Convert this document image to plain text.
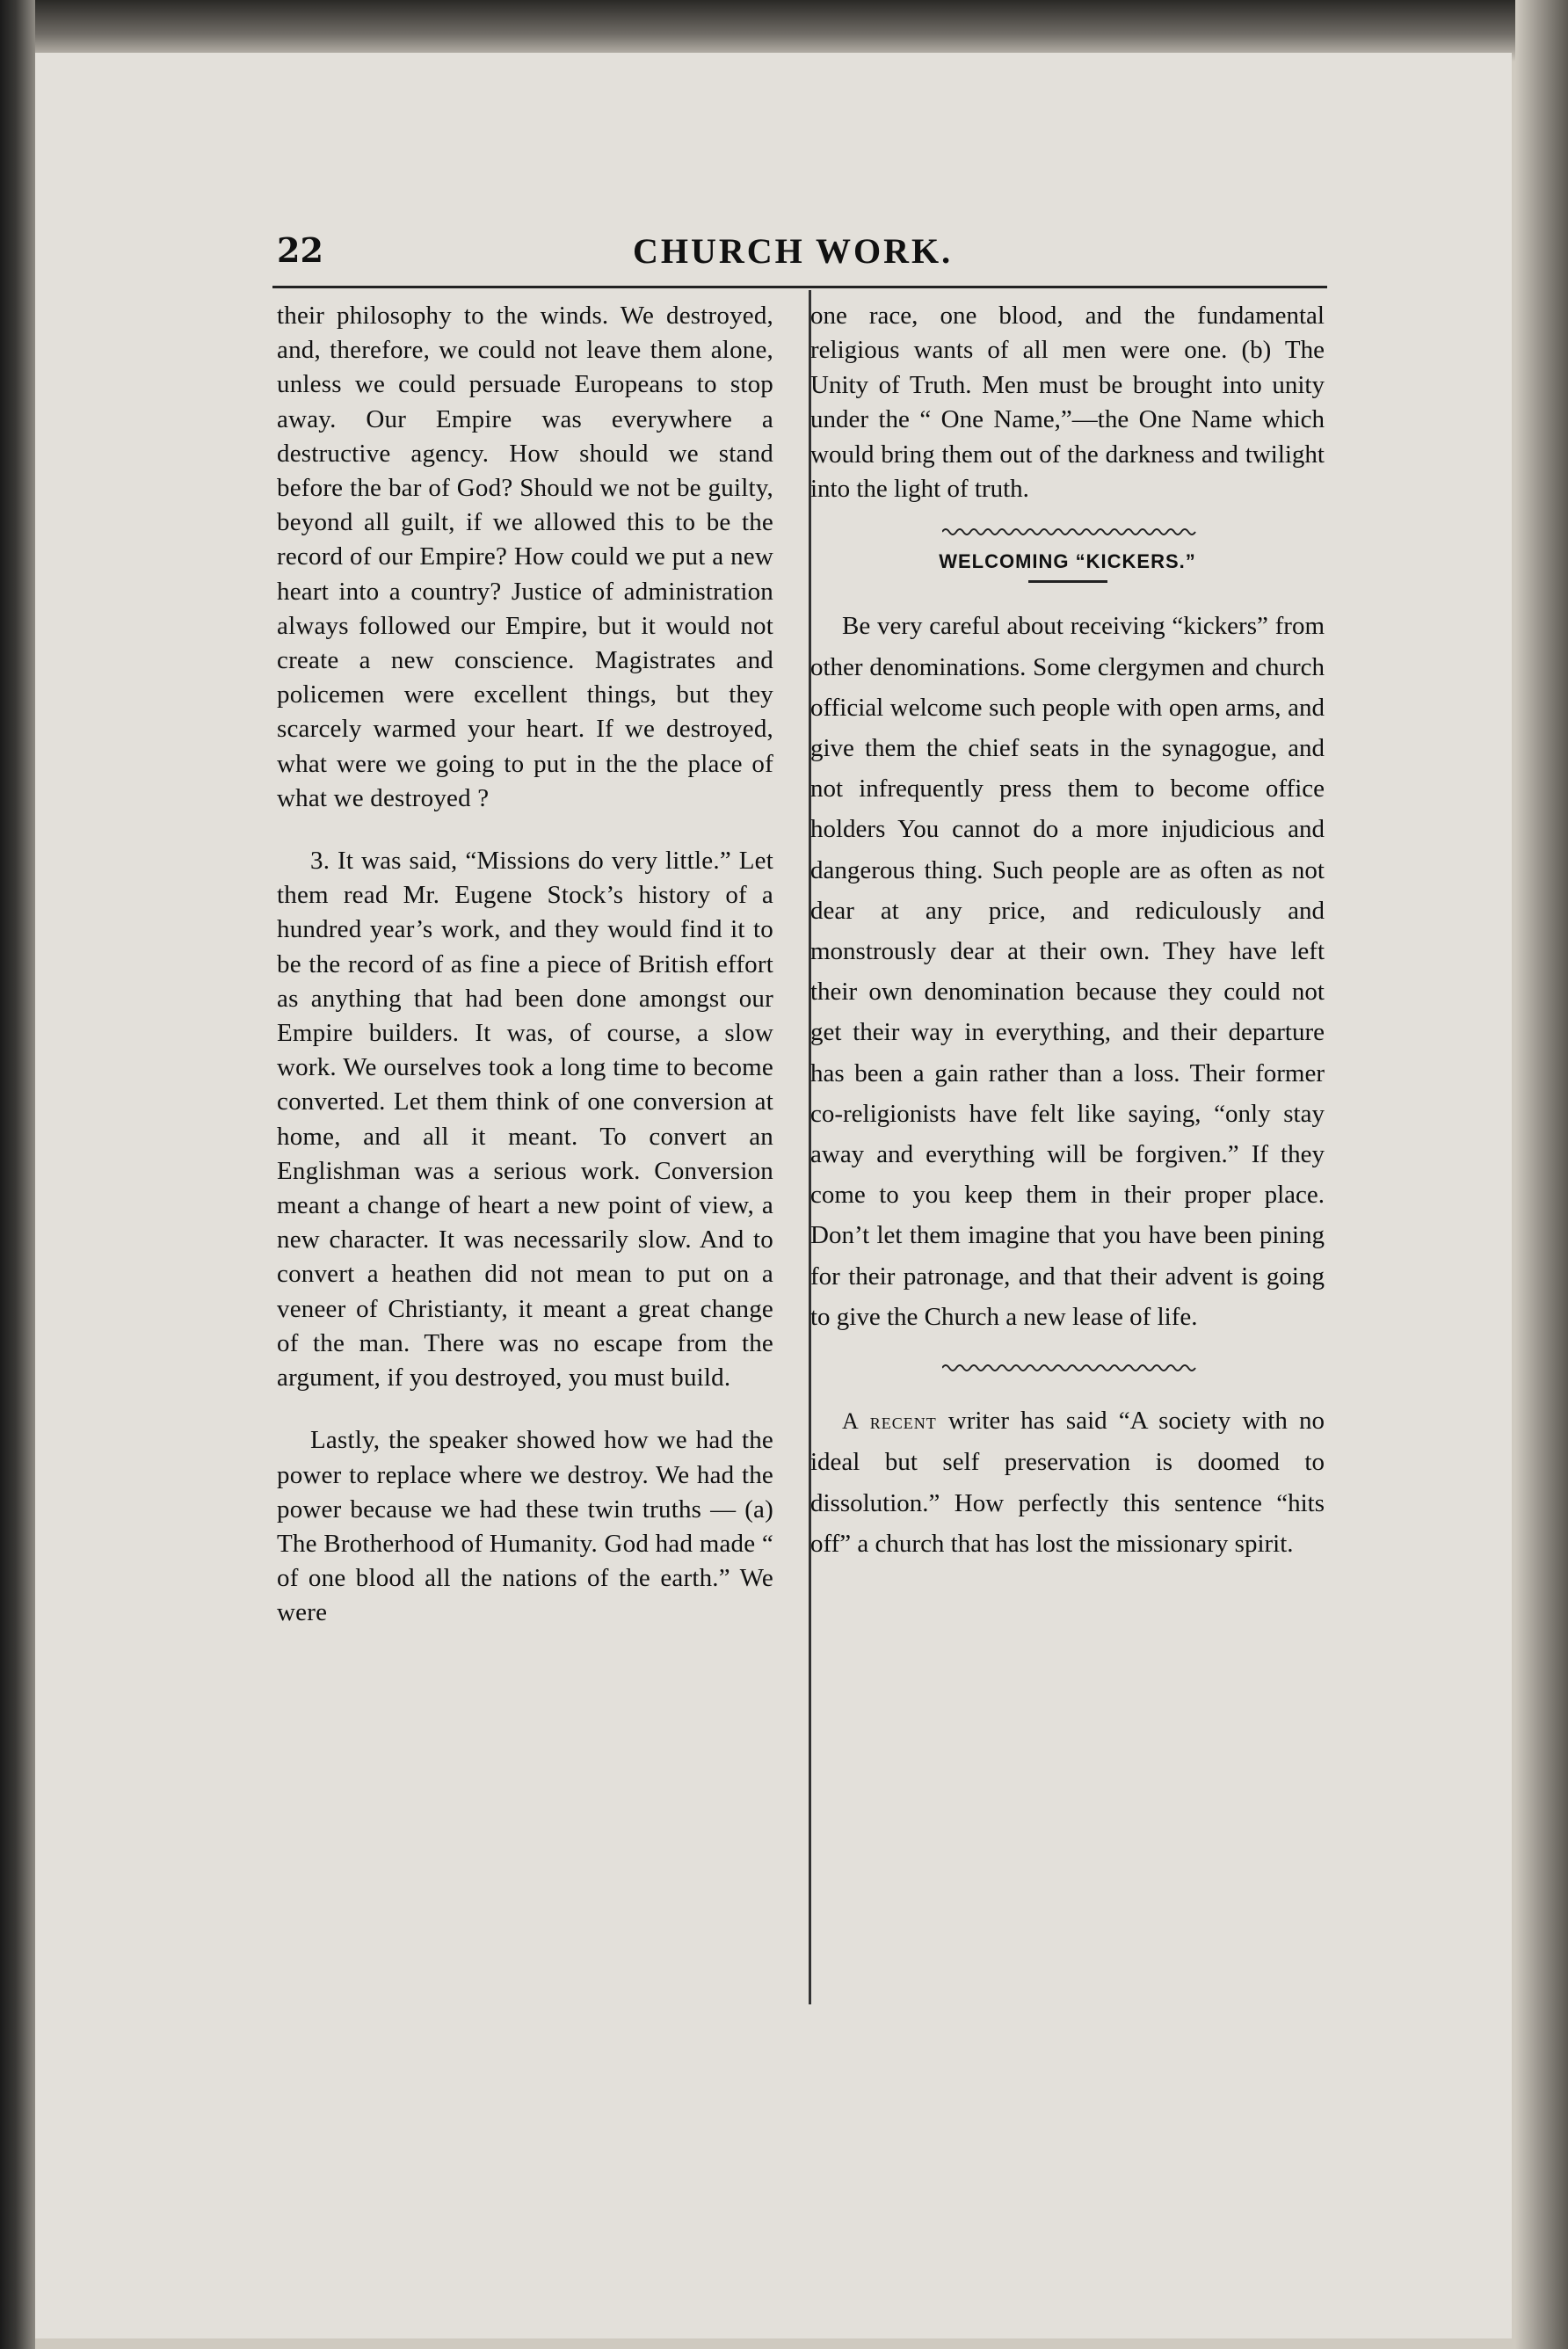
22	CHURCH WORK.

their philosophy to the winds. We destroyed, and, therefore, we could not leave them alone, unless we could persuade Europeans to stop away. Our Empire was everywhere a destructive agency. How should we stand before the bar of God? Should we not be guilty, beyond all guilt, if we allowed this to be the record of our Empire? How could we put a new heart into a country? Justice of administration always followed our Empire, but it would not create a new conscience. Magistrates and policemen were excellent things, but they scarcely warmed your heart. If we destroyed, what were we going to put in the the place of what we destroyed ?

3. It was said, “Missions do very little.” Let them read Mr. Eugene Stock’s history of a hundred year’s work, and they would find it to be the record of as fine a piece of British effort as anything that had been done amongst our Empire builders. It was, of course, a slow work. We ourselves took a long time to become converted. Let them think of one conversion at home, and all it meant. To convert an Englishman was a serious work. Conversion meant a change of heart a new point of view, a new character. It was necessarily slow. And to convert a heathen did not mean to put on a veneer of Christianty, it meant a great change of the man. There was no escape from the argument, if you destroyed, you must build.

Lastly, the speaker showed how we had the power to replace where we destroy. We had the power because we had these twin truths — (a) The Brotherhood of Humanity. God had made “ of one blood all the nations of the earth.” We were

one race, one blood, and the fundamental religious wants of all men were one. (b) The Unity of Truth. Men must be brought into unity under the “ One Name,”—the One Name which would bring them out of the darkness and twilight into the light of truth.

WELCOMING “KICKERS.”

Be very careful about receiving “kickers” from other denominations. Some clergymen and church official welcome such people with open arms, and give them the chief seats in the synagogue, and not infrequently press them to become office holders You cannot do a more injudicious and dangerous thing. Such people are as often as not dear at any price, and rediculously and monstrously dear at their own. They have left their own denomination because they could not get their way in everything, and their departure has been a gain rather than a loss. Their former co-religionists have felt like saying, “only stay away and everything will be forgiven.” If they come to you keep them in their proper place. Don’t let them imagine that you have been pining for their patronage, and that their advent is going to give the Church a new lease of life.

A recent writer has said “A society with no ideal but self preservation is doomed to dissolution.” How perfectly this sentence “hits off” a church that has lost the missionary spirit.
